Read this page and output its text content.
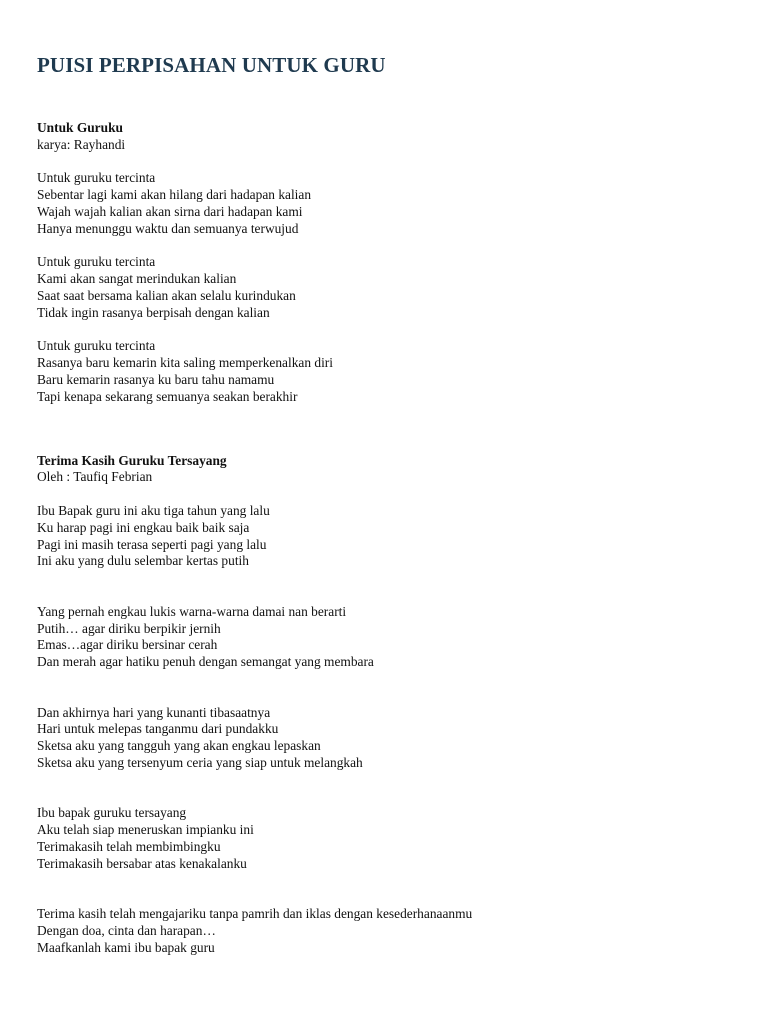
PUISI PERPISAHAN UNTUK GURU
Untuk Guruku
karya: Rayhandi
Untuk guruku tercinta
Sebentar lagi kami akan hilang dari hadapan kalian
Wajah wajah kalian akan sirna dari hadapan kami
Hanya menunggu waktu dan semuanya terwujud
Untuk guruku tercinta
Kami akan sangat merindukan kalian
Saat saat bersama kalian akan selalu kurindukan
Tidak ingin rasanya berpisah dengan kalian
Untuk guruku tercinta
Rasanya baru kemarin kita saling memperkenalkan diri
Baru kemarin rasanya ku baru tahu namamu
Tapi kenapa sekarang semuanya seakan berakhir
Terima Kasih Guruku Tersayang
Oleh : Taufiq Febrian
Ibu Bapak guru ini aku tiga tahun yang lalu
Ku harap pagi ini engkau baik baik saja
Pagi ini masih terasa seperti pagi yang lalu
Ini aku yang dulu selembar kertas putih
Yang pernah engkau lukis warna-warna damai nan berarti
Putih… agar diriku berpikir jernih
Emas…agar diriku bersinar cerah
Dan merah agar hatiku penuh dengan semangat yang membara
Dan akhirnya hari yang kunanti tibasaatnya
Hari untuk melepas tanganmu dari pundakku
Sketsa aku yang tangguh yang akan engkau lepaskan
Sketsa aku yang tersenyum ceria yang siap untuk melangkah
Ibu bapak guruku tersayang
Aku telah siap meneruskan impianku ini
Terimakasih telah membimbingku
Terimakasih bersabar atas kenakalanku
Terima kasih telah mengajariku tanpa pamrih dan iklas dengan kesederhanaanmu
Dengan doa, cinta dan harapan…
Maafkanlah kami ibu bapak guru
